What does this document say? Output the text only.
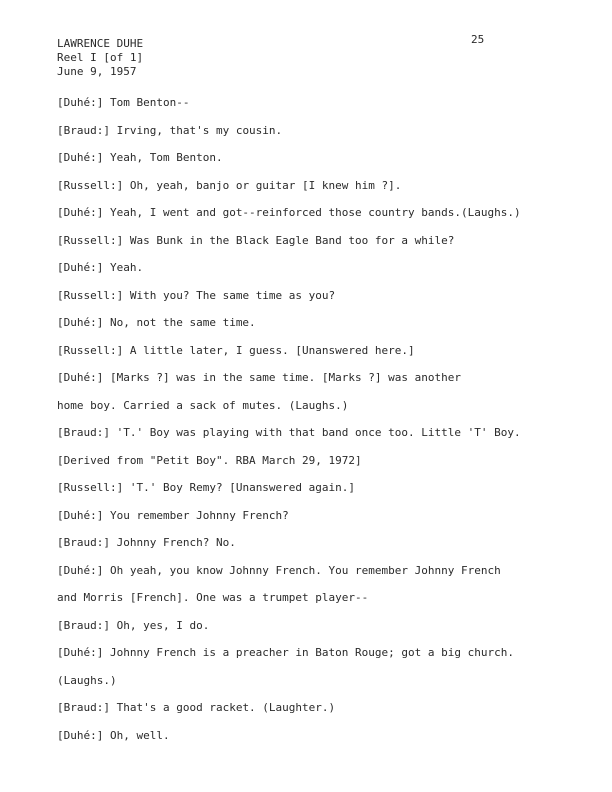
LAWRENCE DUHE
Reel I [of 1]
June 9, 1957
25
[Duhé:] Tom Benton--
[Braud:] Irving, that's my cousin.
[Duhé:] Yeah, Tom Benton.
[Russell:] Oh, yeah, banjo or guitar [I knew him ?].
[Duhé:] Yeah, I went and got--reinforced those country bands.(Laughs.)
[Russell:] Was Bunk in the Black Eagle Band too for a while?
[Duhé:] Yeah.
[Russell:] With you? The same time as you?
[Duhé:] No, not the same time.
[Russell:] A little later, I guess. [Unanswered here.]
[Duhé:] [Marks ?] was in the same time. [Marks ?] was another
home boy. Carried a sack of mutes. (Laughs.)
[Braud:] 'T.' Boy was playing with that band once too. Little 'T' Boy.
[Derived from "Petit Boy". RBA March 29, 1972]
[Russell:] 'T.' Boy Remy? [Unanswered again.]
[Duhé:] You remember Johnny French?
[Braud:] Johnny French? No.
[Duhé:] Oh yeah, you know Johnny French. You remember Johnny French
and Morris [French]. One was a trumpet player--
[Braud:] Oh, yes, I do.
[Duhé:] Johnny French is a preacher in Baton Rouge; got a big church.
(Laughs.)
[Braud:] That's a good racket. (Laughter.)
[Duhé:] Oh, well.
